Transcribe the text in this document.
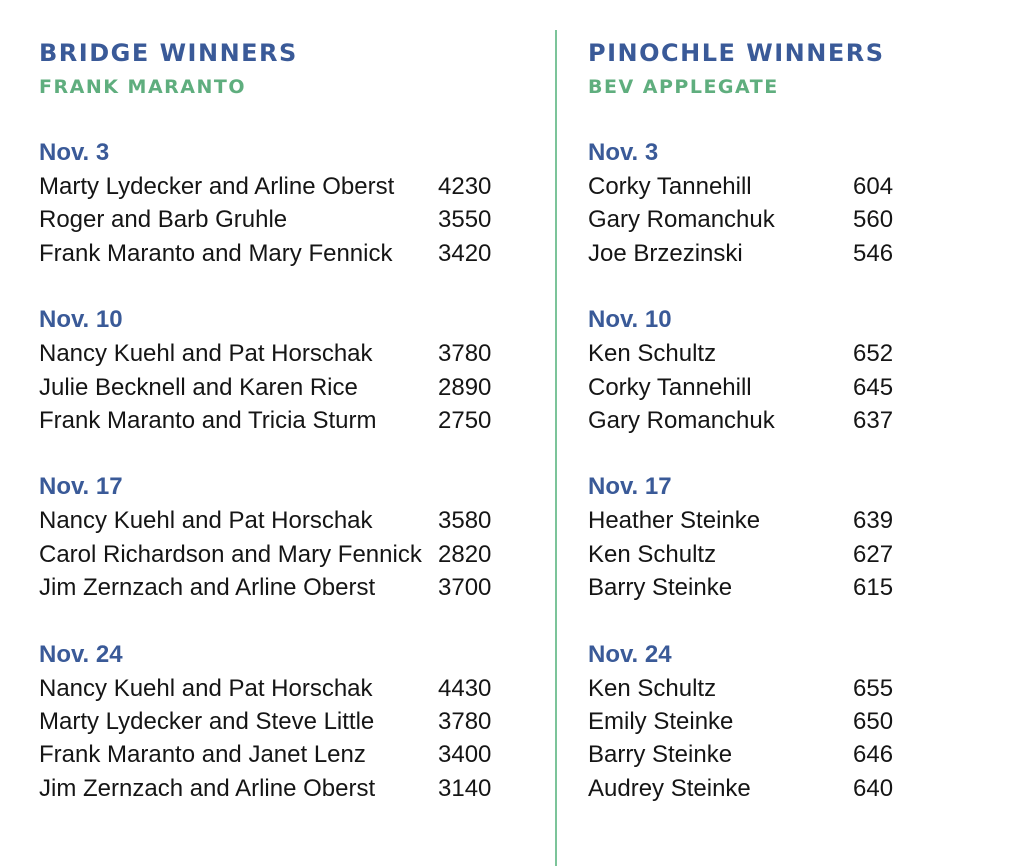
BRIDGE WINNERS
FRANK MARANTO
Nov. 3
Marty Lydecker and Arline Oberst 4230
Roger and Barb Gruhle	3550
Frank Maranto and Mary Fennick 3420
Nov. 10
Nancy Kuehl and Pat Horschak	3780
Julie Becknell and Karen Rice	2890
Frank Maranto and Tricia Sturm	2750
Nov. 17
Nancy Kuehl and Pat Horschak	3580
Carol Richardson and Mary Fennick 2820
Jim Zernzach and Arline Oberst	3700
Nov. 24
Nancy Kuehl and Pat Horschak	4430
Marty Lydecker and Steve Little	3780
Frank Maranto and Janet Lenz	3400
Jim Zernzach and Arline Oberst	3140
PINOCHLE WINNERS
BEV APPLEGATE
Nov. 3
Corky Tannehill	604
Gary Romanchuk	560
Joe Brzezinski	546
Nov. 10
Ken Schultz	652
Corky Tannehill	645
Gary Romanchuk	637
Nov. 17
Heather Steinke	639
Ken Schultz	627
Barry Steinke	615
Nov. 24
Ken Schultz	655
Emily Steinke	650
Barry Steinke	646
Audrey Steinke	640
